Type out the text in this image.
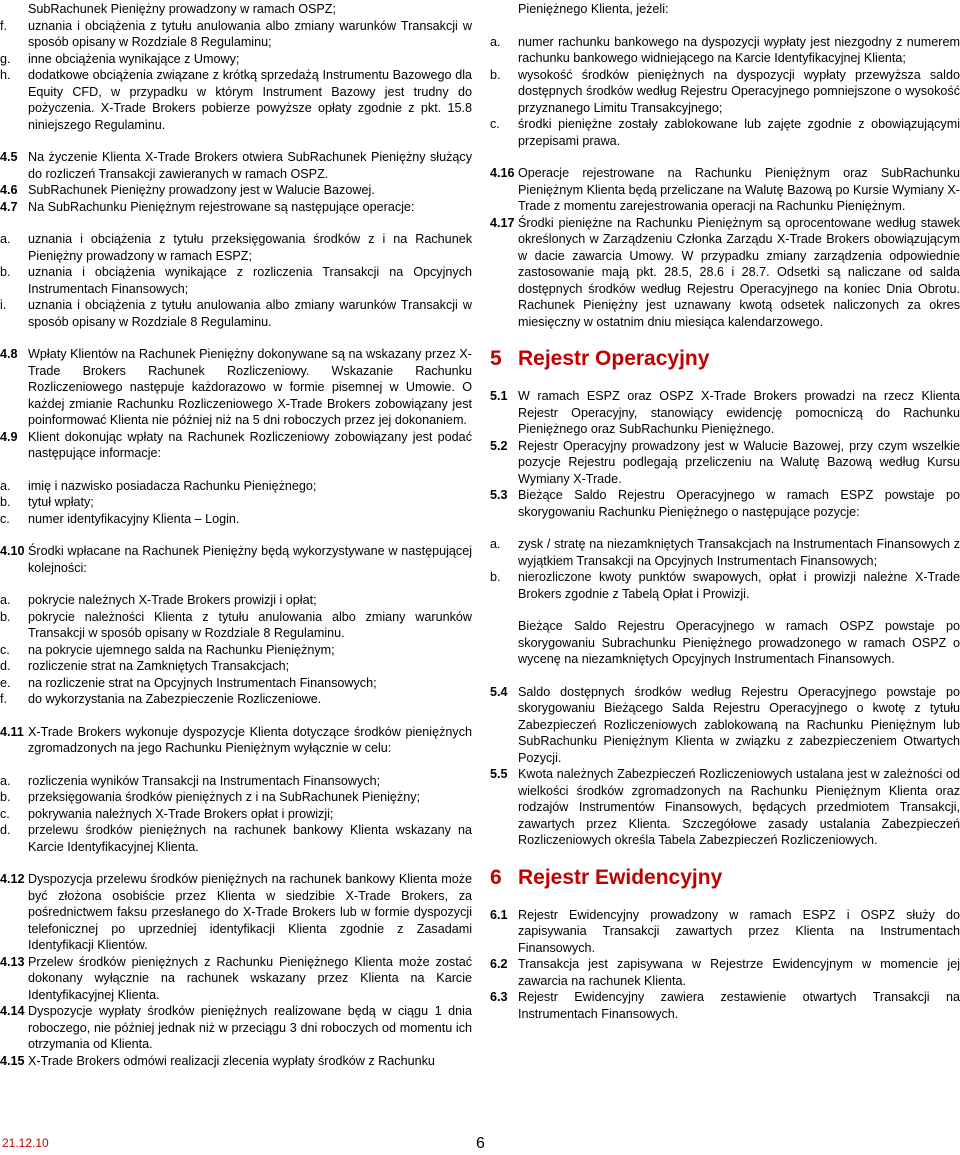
SubRachunek Pieniężny prowadzony w ramach OSPZ;
f.	uznania i obciążenia z tytułu anulowania albo zmiany warunków Transakcji w sposób opisany w Rozdziale 8 Regulaminu;
g.	inne obciążenia wynikające z Umowy;
h.	dodatkowe obciążenia związane z krótką sprzedażą Instrumentu Bazowego dla Equity CFD, w przypadku w którym Instrument Bazowy jest trudny do pożyczenia. X-Trade Brokers pobierze powyższe opłaty zgodnie z pkt. 15.8 niniejszego Regulaminu.
4.5 Na życzenie Klienta X-Trade Brokers otwiera SubRachunek Pieniężny służący do rozliczeń Transakcji zawieranych w ramach OSPZ.
4.6 SubRachunek Pieniężny prowadzony jest w Walucie Bazowej.
4.7 Na SubRachunku Pieniężnym rejestrowane są następujące operacje:
a.	uznania i obciążenia z tytułu przeksięgowania środków z i na Rachunek Pieniężny prowadzony w ramach ESPZ;
b.	uznania i obciążenia wynikające z rozliczenia Transakcji na Opcyjnych Instrumentach Finansowych;
i.	uznania i obciążenia z tytułu anulowania albo zmiany warunków Transakcji w sposób opisany w Rozdziale 8 Regulaminu.
4.8 Wpłaty Klientów na Rachunek Pieniężny dokonywane są na wskazany przez X-Trade Brokers Rachunek Rozliczeniowy. Wskazanie Rachunku Rozliczeniowego następuje każdorazowo w formie pisemnej w Umowie. O każdej zmianie Rachunku Rozliczeniowego X-Trade Brokers zobowiązany jest poinformować Klienta nie później niż na 5 dni roboczych przez jej dokonaniem.
4.9 Klient dokonując wpłaty na Rachunek Rozliczeniowy zobowiązany jest podać następujące informacje:
a.	imię i nazwisko posiadacza Rachunku Pieniężnego;
b.	tytuł wpłaty;
c.	numer identyfikacyjny Klienta – Login.
4.10 Środki wpłacane na Rachunek Pieniężny będą wykorzystywane w następującej kolejności:
a.	pokrycie należnych X-Trade Brokers prowizji i opłat;
b.	pokrycie należności Klienta z tytułu anulowania albo zmiany warunków Transakcji w sposób opisany w Rozdziale 8 Regulaminu.
c.	na pokrycie ujemnego salda na Rachunku Pieniężnym;
d.	rozliczenie strat na Zamkniętych Transakcjach;
e.	na rozliczenie strat na Opcyjnych Instrumentach Finansowych;
f.	do wykorzystania na Zabezpieczenie Rozliczeniowe.
4.11 X-Trade Brokers wykonuje dyspozycje Klienta dotyczące środków pieniężnych zgromadzonych na jego Rachunku Pieniężnym wyłącznie w celu:
a.	rozliczenia wyników Transakcji na Instrumentach Finansowych;
b.	przeksięgowania środków pieniężnych z i na SubRachunek Pieniężny;
c.	pokrywania należnych X-Trade Brokers opłat i prowizji;
d.	przelewu środków pieniężnych na rachunek bankowy Klienta wskazany na Karcie Identyfikacyjnej Klienta.
4.12 Dyspozycja przelewu środków pieniężnych na rachunek bankowy Klienta może być złożona osobiście przez Klienta w siedzibie X-Trade Brokers, za pośrednictwem faksu przesłanego do X-Trade Brokers lub w formie dyspozycji telefonicznej po uprzedniej identyfikacji Klienta zgodnie z Zasadami Identyfikacji Klientów.
4.13 Przelew środków pieniężnych z Rachunku Pieniężnego Klienta może zostać dokonany wyłącznie na rachunek wskazany przez Klienta na Karcie Identyfikacyjnej Klienta.
4.14 Dyspozycje wypłaty środków pieniężnych realizowane będą w ciągu 1 dnia roboczego, nie później jednak niż w przeciągu 3 dni roboczych od momentu ich otrzymania od Klienta.
4.15 X-Trade Brokers odmówi realizacji zlecenia wypłaty środków z Rachunku
Pieniężnego Klienta, jeżeli:
a.	numer rachunku bankowego na dyspozycji wypłaty jest niezgodny z numerem rachunku bankowego widniejącego na Karcie Identyfikacyjnej Klienta;
b.	wysokość środków pieniężnych na dyspozycji wypłaty przewyższa saldo dostępnych środków według Rejestru Operacyjnego pomniejszone o wysokość przyznanego Limitu Transakcyjnego;
c.	środki pieniężne zostały zablokowane lub zajęte zgodnie z obowiązującymi przepisami prawa.
4.16 Operacje rejestrowane na Rachunku Pieniężnym oraz SubRachunku Pieniężnym Klienta będą przeliczane na Walutę Bazową po Kursie Wymiany X-Trade z momentu zarejestrowania operacji na Rachunku Pieniężnym.
4.17 Środki pieniężne na Rachunku Pieniężnym są oprocentowane według stawek określonych w Zarządzeniu Członka Zarządu X-Trade Brokers obowiązującym w dacie zawarcia Umowy. W przypadku zmiany zarządzenia odpowiednie zastosowanie mają pkt. 28.5, 28.6 i 28.7. Odsetki są naliczane od salda dostępnych środków według Rejestru Operacyjnego na koniec Dnia Obrotu. Rachunek Pieniężny jest uznawany kwotą odsetek naliczonych za okres miesięczny w ostatnim dniu miesiąca kalendarzowego.
5 Rejestr Operacyjny
5.1 W ramach ESPZ oraz OSPZ X-Trade Brokers prowadzi na rzecz Klienta Rejestr Operacyjny, stanowiący ewidencję pomocniczą do Rachunku Pieniężnego oraz SubRachunku Pieniężnego.
5.2 Rejestr Operacyjny prowadzony jest w Walucie Bazowej, przy czym wszelkie pozycje Rejestru podlegają przeliczeniu na Walutę Bazową według Kursu Wymiany X-Trade.
5.3 Bieżące Saldo Rejestru Operacyjnego w ramach ESPZ powstaje po skorygowaniu Rachunku Pieniężnego o następujące pozycje:
a.	zysk / stratę na niezamkniętych Transakcjach na Instrumentach Finansowych z wyjątkiem Transakcji na Opcyjnych Instrumentach Finansowych;
b.	nierozliczone kwoty punktów swapowych, opłat i prowizji należne X-Trade Brokers zgodnie z Tabelą Opłat i Prowizji.
Bieżące Saldo Rejestru Operacyjnego w ramach OSPZ powstaje po skorygowaniu Subrachunku Pieniężnego prowadzonego w ramach OSPZ o wycenę na niezamkniętych Opcyjnych Instrumentach Finansowych.
5.4 Saldo dostępnych środków według Rejestru Operacyjnego powstaje po skorygowaniu Bieżącego Salda Rejestru Operacyjnego o kwotę z tytułu Zabezpieczeń Rozliczeniowych zablokowaną na Rachunku Pieniężnym lub SubRachunku Pieniężnym Klienta w związku z zabezpieczeniem Otwartych Pozycji.
5.5 Kwota należnych Zabezpieczeń Rozliczeniowych ustalana jest w zależności od wielkości środków zgromadzonych na Rachunku Pieniężnym Klienta oraz rodzajów Instrumentów Finansowych, będących przedmiotem Transakcji, zawartych przez Klienta. Szczegółowe zasady ustalania Zabezpieczeń Rozliczeniowych określa Tabela Zabezpieczeń Rozliczeniowych.
6 Rejestr Ewidencyjny
6.1 Rejestr Ewidencyjny prowadzony w ramach ESPZ i OSPZ służy do zapisywania Transakcji zawartych przez Klienta na Instrumentach Finansowych.
6.2 Transakcja jest zapisywana w Rejestrze Ewidencyjnym w momencie jej zawarcia na rachunek Klienta.
6.3 Rejestr Ewidencyjny zawiera zestawienie otwartych Transakcji na Instrumentach Finansowych.
21.12.10	6
